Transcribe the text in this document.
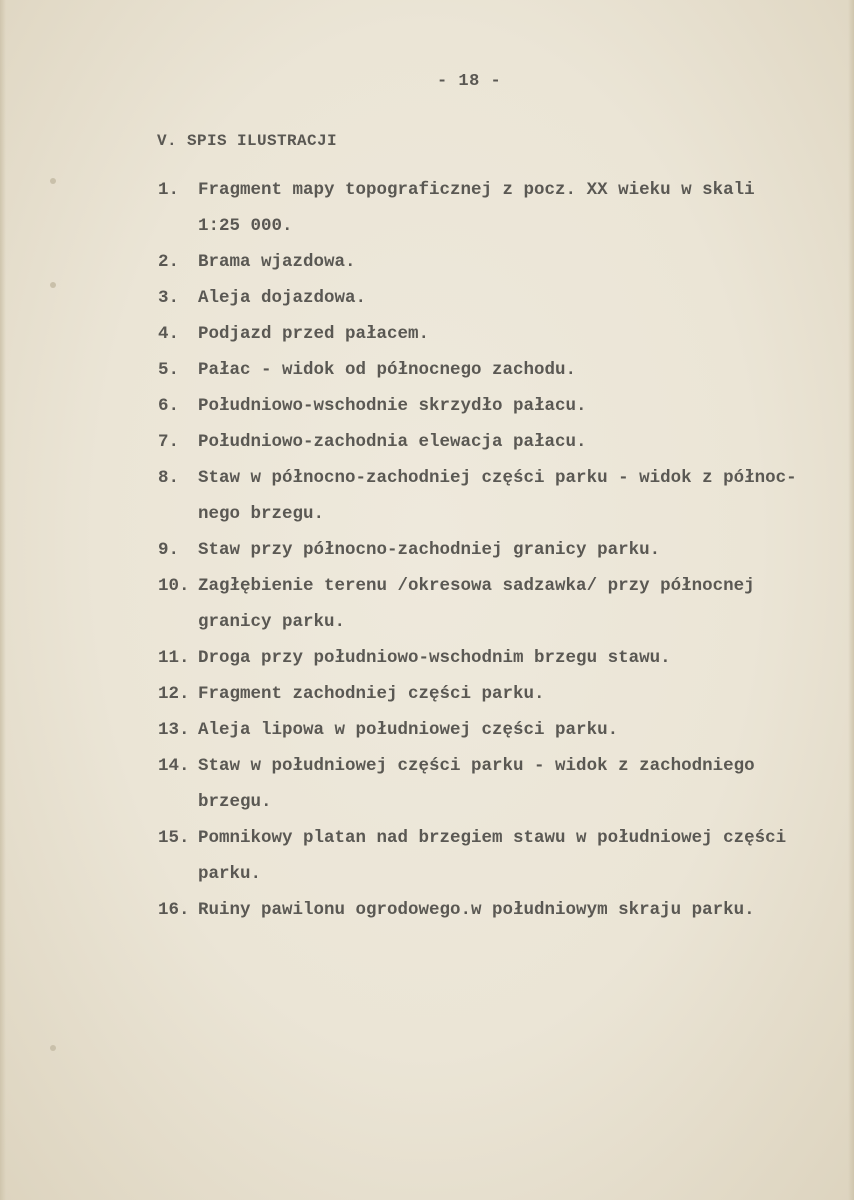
- 18 -
V. SPIS ILUSTRACJI
1.	Fragment mapy topograficznej z pocz. XX wieku w skali
1:25 000.
2.	Brama wjazdowa.
3.	Aleja dojazdowa.
4.	Podjazd przed pałacem.
5.	Pałac - widok od północnego zachodu.
6.	Południowo-wschodnie skrzydło pałacu.
7.	Południowo-zachodnia elewacja pałacu.
8.	Staw w północno-zachodniej części parku - widok z północ-
nego brzegu.
9.	Staw przy północno-zachodniej granicy parku.
10. Zagłębienie terenu /okresowa sadzawka/ przy północnej
granicy parku.
11. Droga przy południowo-wschodnim brzegu stawu.
12. Fragment zachodniej części parku.
13. Aleja lipowa w południowej części parku.
14. Staw w południowej części parku - widok z zachodniego
brzegu.
15. Pomnikowy platan nad brzegiem stawu w południowej części
parku.
16. Ruiny pawilonu ogrodowego.w południowym skraju parku.
